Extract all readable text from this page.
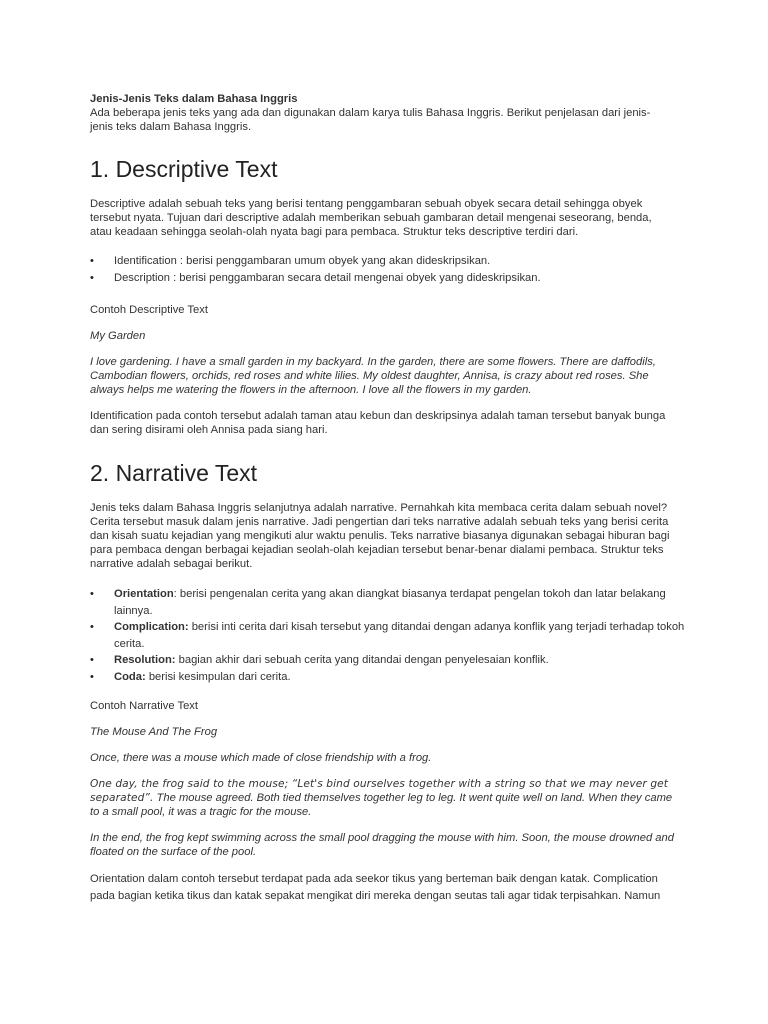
Jenis-Jenis Teks dalam Bahasa Inggris

Ada beberapa jenis teks yang ada dan digunakan dalam karya tulis Bahasa Inggris. Berikut penjelasan dari jenis-jenis teks dalam Bahasa Inggris.

1. Descriptive Text

Descriptive adalah sebuah teks yang berisi tentang penggambaran sebuah obyek secara detail sehingga obyek tersebut nyata. Tujuan dari descriptive adalah memberikan sebuah gambaran detail mengenai seseorang, benda, atau keadaan sehingga seolah-olah nyata bagi para pembaca. Struktur teks descriptive terdiri dari.

• Identification : berisi penggambaran umum obyek yang akan dideskripsikan.
• Description : berisi penggambaran secara detail mengenai obyek yang dideskripsikan.

Contoh Descriptive Text

My Garden

I love gardening. I have a small garden in my backyard. In the garden, there are some flowers. There are daffodils, Cambodian flowers, orchids, red roses and white lilies. My oldest daughter, Annisa, is crazy about red roses. She always helps me watering the flowers in the afternoon. I love all the flowers in my garden.

Identification pada contoh tersebut adalah taman atau kebun dan deskripsinya adalah taman tersebut banyak bunga dan sering disirami oleh Annisa pada siang hari.

2. Narrative Text

Jenis teks dalam Bahasa Inggris selanjutnya adalah narrative. Pernahkah kita membaca cerita dalam sebuah novel? Cerita tersebut masuk dalam jenis narrative. Jadi pengertian dari teks narrative adalah sebuah teks yang berisi cerita dan kisah suatu kejadian yang mengikuti alur waktu penulis. Teks narrative biasanya digunakan sebagai hiburan bagi para pembaca dengan berbagai kejadian seolah-olah kejadian tersebut benar-benar dialami pembaca. Struktur teks narrative adalah sebagai berikut.

• Orientation: berisi pengenalan cerita yang akan diangkat biasanya terdapat pengelan tokoh dan latar belakang lainnya.
• Complication: berisi inti cerita dari kisah tersebut yang ditandai dengan adanya konflik yang terjadi terhadap tokoh cerita.
• Resolution: bagian akhir dari sebuah cerita yang ditandai dengan penyelesaian konflik.
• Coda: berisi kesimpulan dari cerita.

Contoh Narrative Text

The Mouse And The Frog

Once, there was a mouse which made of close friendship with a frog.

One day, the frog said to the mouse; “Let's bind ourselves together with a string so that we may never get separated”. The mouse agreed. Both tied themselves together leg to leg. It went quite well on land. When they came to a small pool, it was a tragic for the mouse.

In the end, the frog kept swimming across the small pool dragging the mouse with him. Soon, the mouse drowned and floated on the surface of the pool.

Orientation dalam contoh tersebut terdapat pada ada seekor tikus yang berteman baik dengan katak. Complication pada bagian ketika tikus dan katak sepakat mengikat diri mereka dengan seutas tali agar tidak terpisahkan. Namun
